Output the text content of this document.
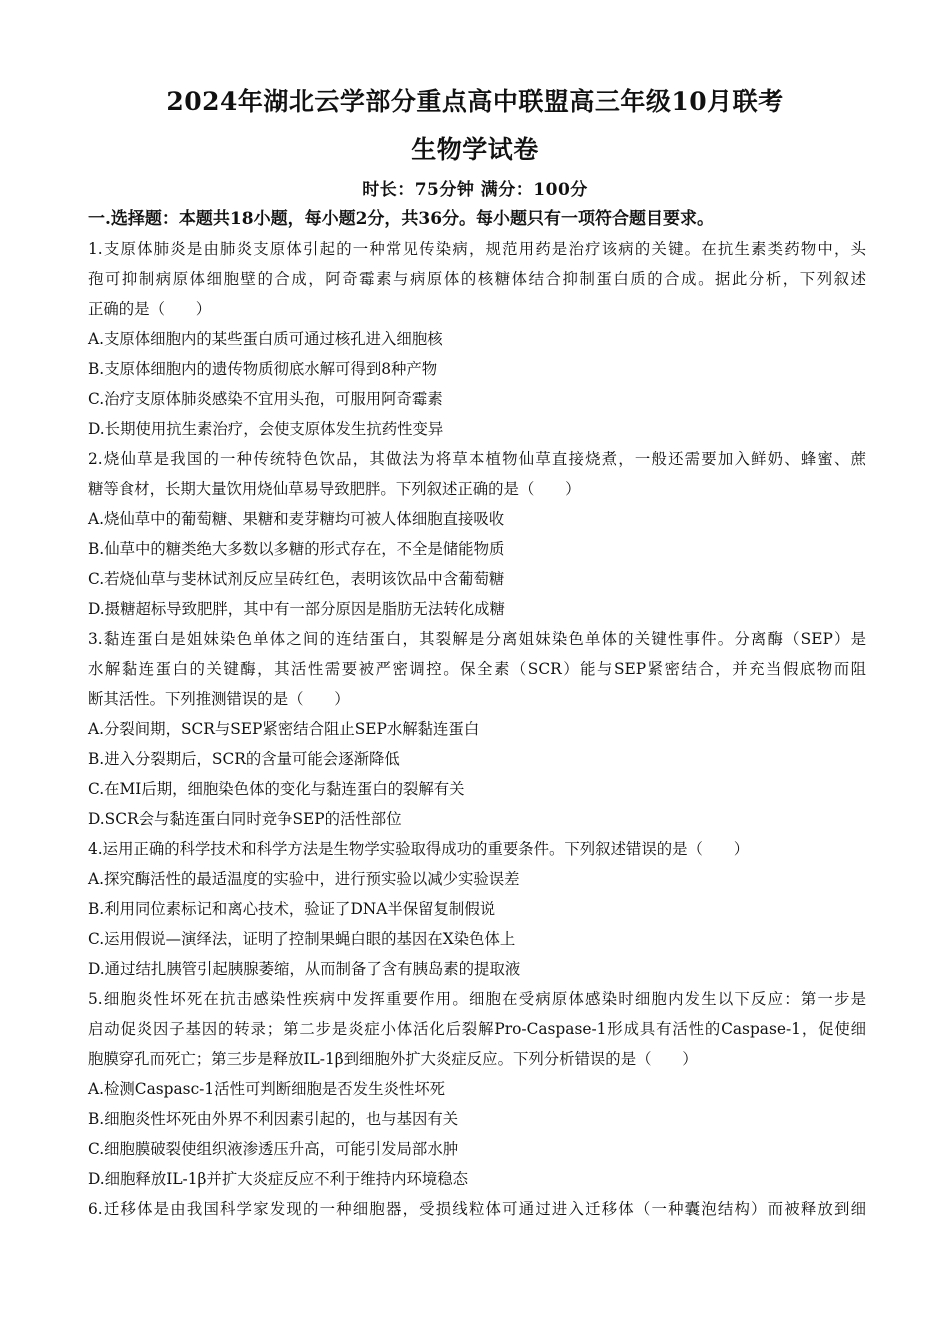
2024年湖北云学部分重点高中联盟高三年级10月联考
生物学试卷
时长：75分钟 满分：100分
一.选择题：本题共18小题，每小题2分，共36分。每小题只有一项符合题目要求。
1.支原体肺炎是由肺炎支原体引起的一种常见传染病，规范用药是治疗该病的关键。在抗生素类药物中，头
孢可抑制病原体细胞壁的合成，阿奇霉素与病原体的核糖体结合抑制蛋白质的合成。据此分析，下列叙述
正确的是（　　）
A.支原体细胞内的某些蛋白质可通过核孔进入细胞核
B.支原体细胞内的遗传物质彻底水解可得到8种产物
C.治疗支原体肺炎感染不宜用头孢，可服用阿奇霉素
D.长期使用抗生素治疗，会使支原体发生抗药性变异
2.烧仙草是我国的一种传统特色饮品，其做法为将草本植物仙草直接烧煮，一般还需要加入鲜奶、蜂蜜、蔗
糖等食材，长期大量饮用烧仙草易导致肥胖。下列叙述正确的是（　　）
A.烧仙草中的葡萄糖、果糖和麦芽糖均可被人体细胞直接吸收
B.仙草中的糖类绝大多数以多糖的形式存在，不全是储能物质
C.若烧仙草与斐林试剂反应呈砖红色，表明该饮品中含葡萄糖
D.摄糖超标导致肥胖，其中有一部分原因是脂肪无法转化成糖
3.黏连蛋白是姐妹染色单体之间的连结蛋白，其裂解是分离姐妹染色单体的关键性事件。分离酶（SEP）是
水解黏连蛋白的关键酶，其活性需要被严密调控。保全素（SCR）能与SEP紧密结合，并充当假底物而阻
断其活性。下列推测错误的是（　　）
A.分裂间期，SCR与SEP紧密结合阻止SEP水解黏连蛋白
B.进入分裂期后，SCR的含量可能会逐渐降低
C.在MI后期，细胞染色体的变化与黏连蛋白的裂解有关
D.SCR会与黏连蛋白同时竞争SEP的活性部位
4.运用正确的科学技术和科学方法是生物学实验取得成功的重要条件。下列叙述错误的是（　　）
A.探究酶活性的最适温度的实验中，进行预实验以减少实验误差
B.利用同位素标记和离心技术，验证了DNA半保留复制假说
C.运用假说—演绎法，证明了控制果蝇白眼的基因在X染色体上
D.通过结扎胰管引起胰腺萎缩，从而制备了含有胰岛素的提取液
5.细胞炎性坏死在抗击感染性疾病中发挥重要作用。细胞在受病原体感染时细胞内发生以下反应：第一步是
启动促炎因子基因的转录；第二步是炎症小体活化后裂解Pro-Caspase-1形成具有活性的Caspase-1，促使细
胞膜穿孔而死亡；第三步是释放IL-1β到细胞外扩大炎症反应。下列分析错误的是（　　）
A.检测Caspasc-1活性可判断细胞是否发生炎性坏死
B.细胞炎性坏死由外界不利因素引起的，也与基因有关
C.细胞膜破裂使组织液渗透压升高，可能引发局部水肿
D.细胞释放IL-1β并扩大炎症反应不利于维持内环境稳态
6.迁移体是由我国科学家发现的一种细胞器，受损线粒体可通过进入迁移体（一种囊泡结构）而被释放到细
